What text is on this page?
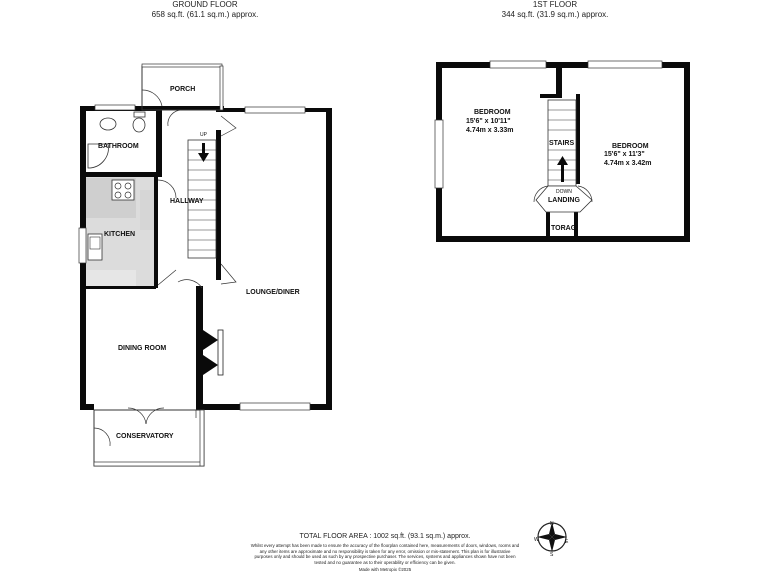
GROUND FLOOR
658 sq.ft. (61.1 sq.m.) approx.
1ST FLOOR
344 sq.ft. (31.9 sq.m.) approx.
PORCH
BATHROOM
HALLWAY
KITCHEN
LOUNGE/DINER
DINING ROOM
CONSERVATORY
UP
BEDROOM
15'6" x 10'11"
4.74m x 3.33m
BEDROOM
15'6" x 11'3"
4.74m x 3.42m
STAIRS
DOWN
LANDING
TORAG
N
E
S
W
TOTAL FLOOR AREA : 1002 sq.ft. (93.1 sq.m.) approx.
Whilst every attempt has been made to ensure the accuracy of the floorplan contained here, measurements of doors, windows, rooms and any other items are approximate and no responsibility is taken for any error, omission or mis-statement. This plan is for illustrative purposes only and should be used as such by any prospective purchaser. The services, systems and appliances shown have not been tested and no guarantee as to their operability or efficiency can be given.
Made with Metropix ©2025
